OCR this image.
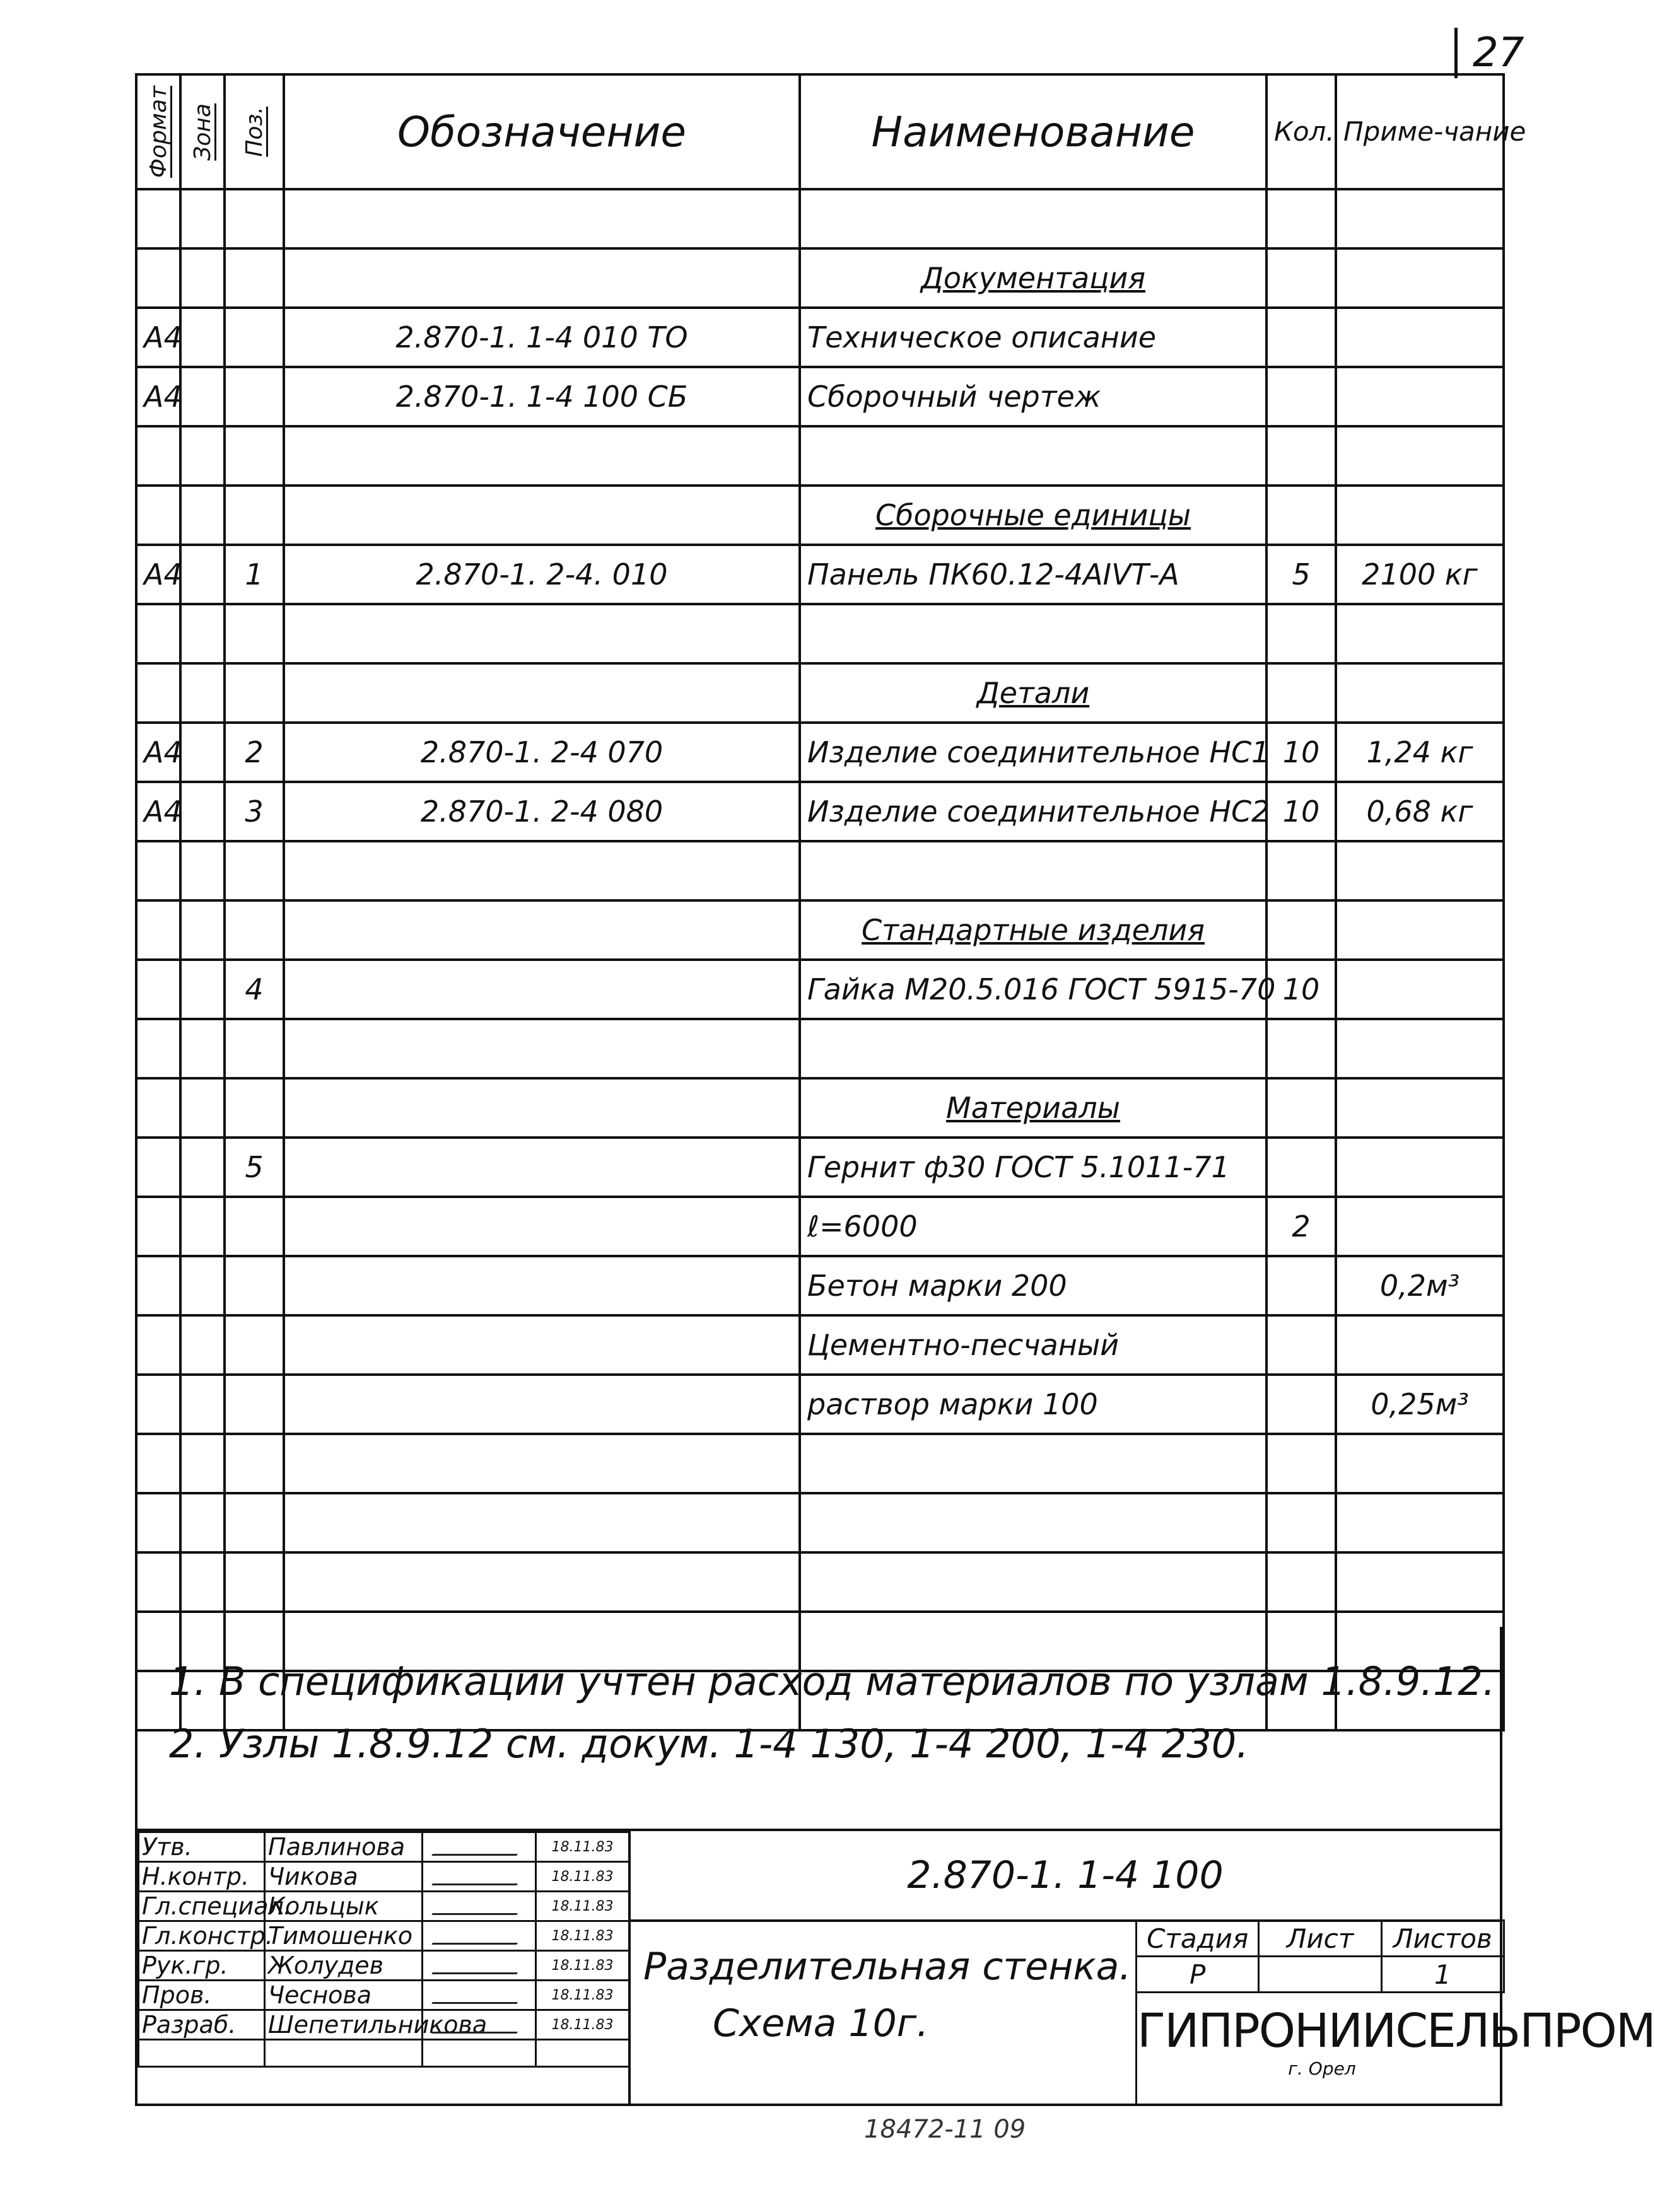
27
Формат	Зона	Поз.	Обозначение	Наименование	Кол.	Приме-чание

				Документация		
А4			2.870-1. 1-4 010 ТО	Техническое описание		
А4			2.870-1. 1-4 100 СБ	Сборочный чертеж		

				Сборочные единицы		
А4		1	2.870-1. 2-4. 010	Панель ПК60.12-4АIVТ-А	5	2100 кг

				Детали		
А4		2	2.870-1. 2-4 070	Изделие соединительное НС1	10	1,24 кг
А4		3	2.870-1. 2-4 080	Изделие соединительное НС2	10	0,68 кг

				Стандартные изделия		
		4		Гайка М20.5.016 ГОСТ 5915-70	10	

				Материалы		
		5		Гернит ф30 ГОСТ 5.1011-71		
				ℓ=6000	2	
				Бетон марки 200		0,2м³
				Цементно-песчаный		
				раствор марки 100		0,25м³

1. В спецификации учтен расход материалов по узлам 1.8.9.12.
2. Узлы 1.8.9.12 см. докум. 1-4 130, 1-4 200, 1-4 230.
Утв.	Павлинова		18.11.83
Н.контр.	Чикова		18.11.83
Гл.специал.	Кольцык		18.11.83
Гл.констр.	Тимошенко		18.11.83
Рук.гр.	Жолудев		18.11.83
Пров.	Чеснова		18.11.83
Разраб.	Шепетильникова		18.11.83

2.870-1. 1-4 100
Разделительная стенка.
Схема 10г.
Стадия	Лист	Листов
Р		1
ГИПРОНИИСЕЛЬПРОМ
г. Орел
18472-11 09
